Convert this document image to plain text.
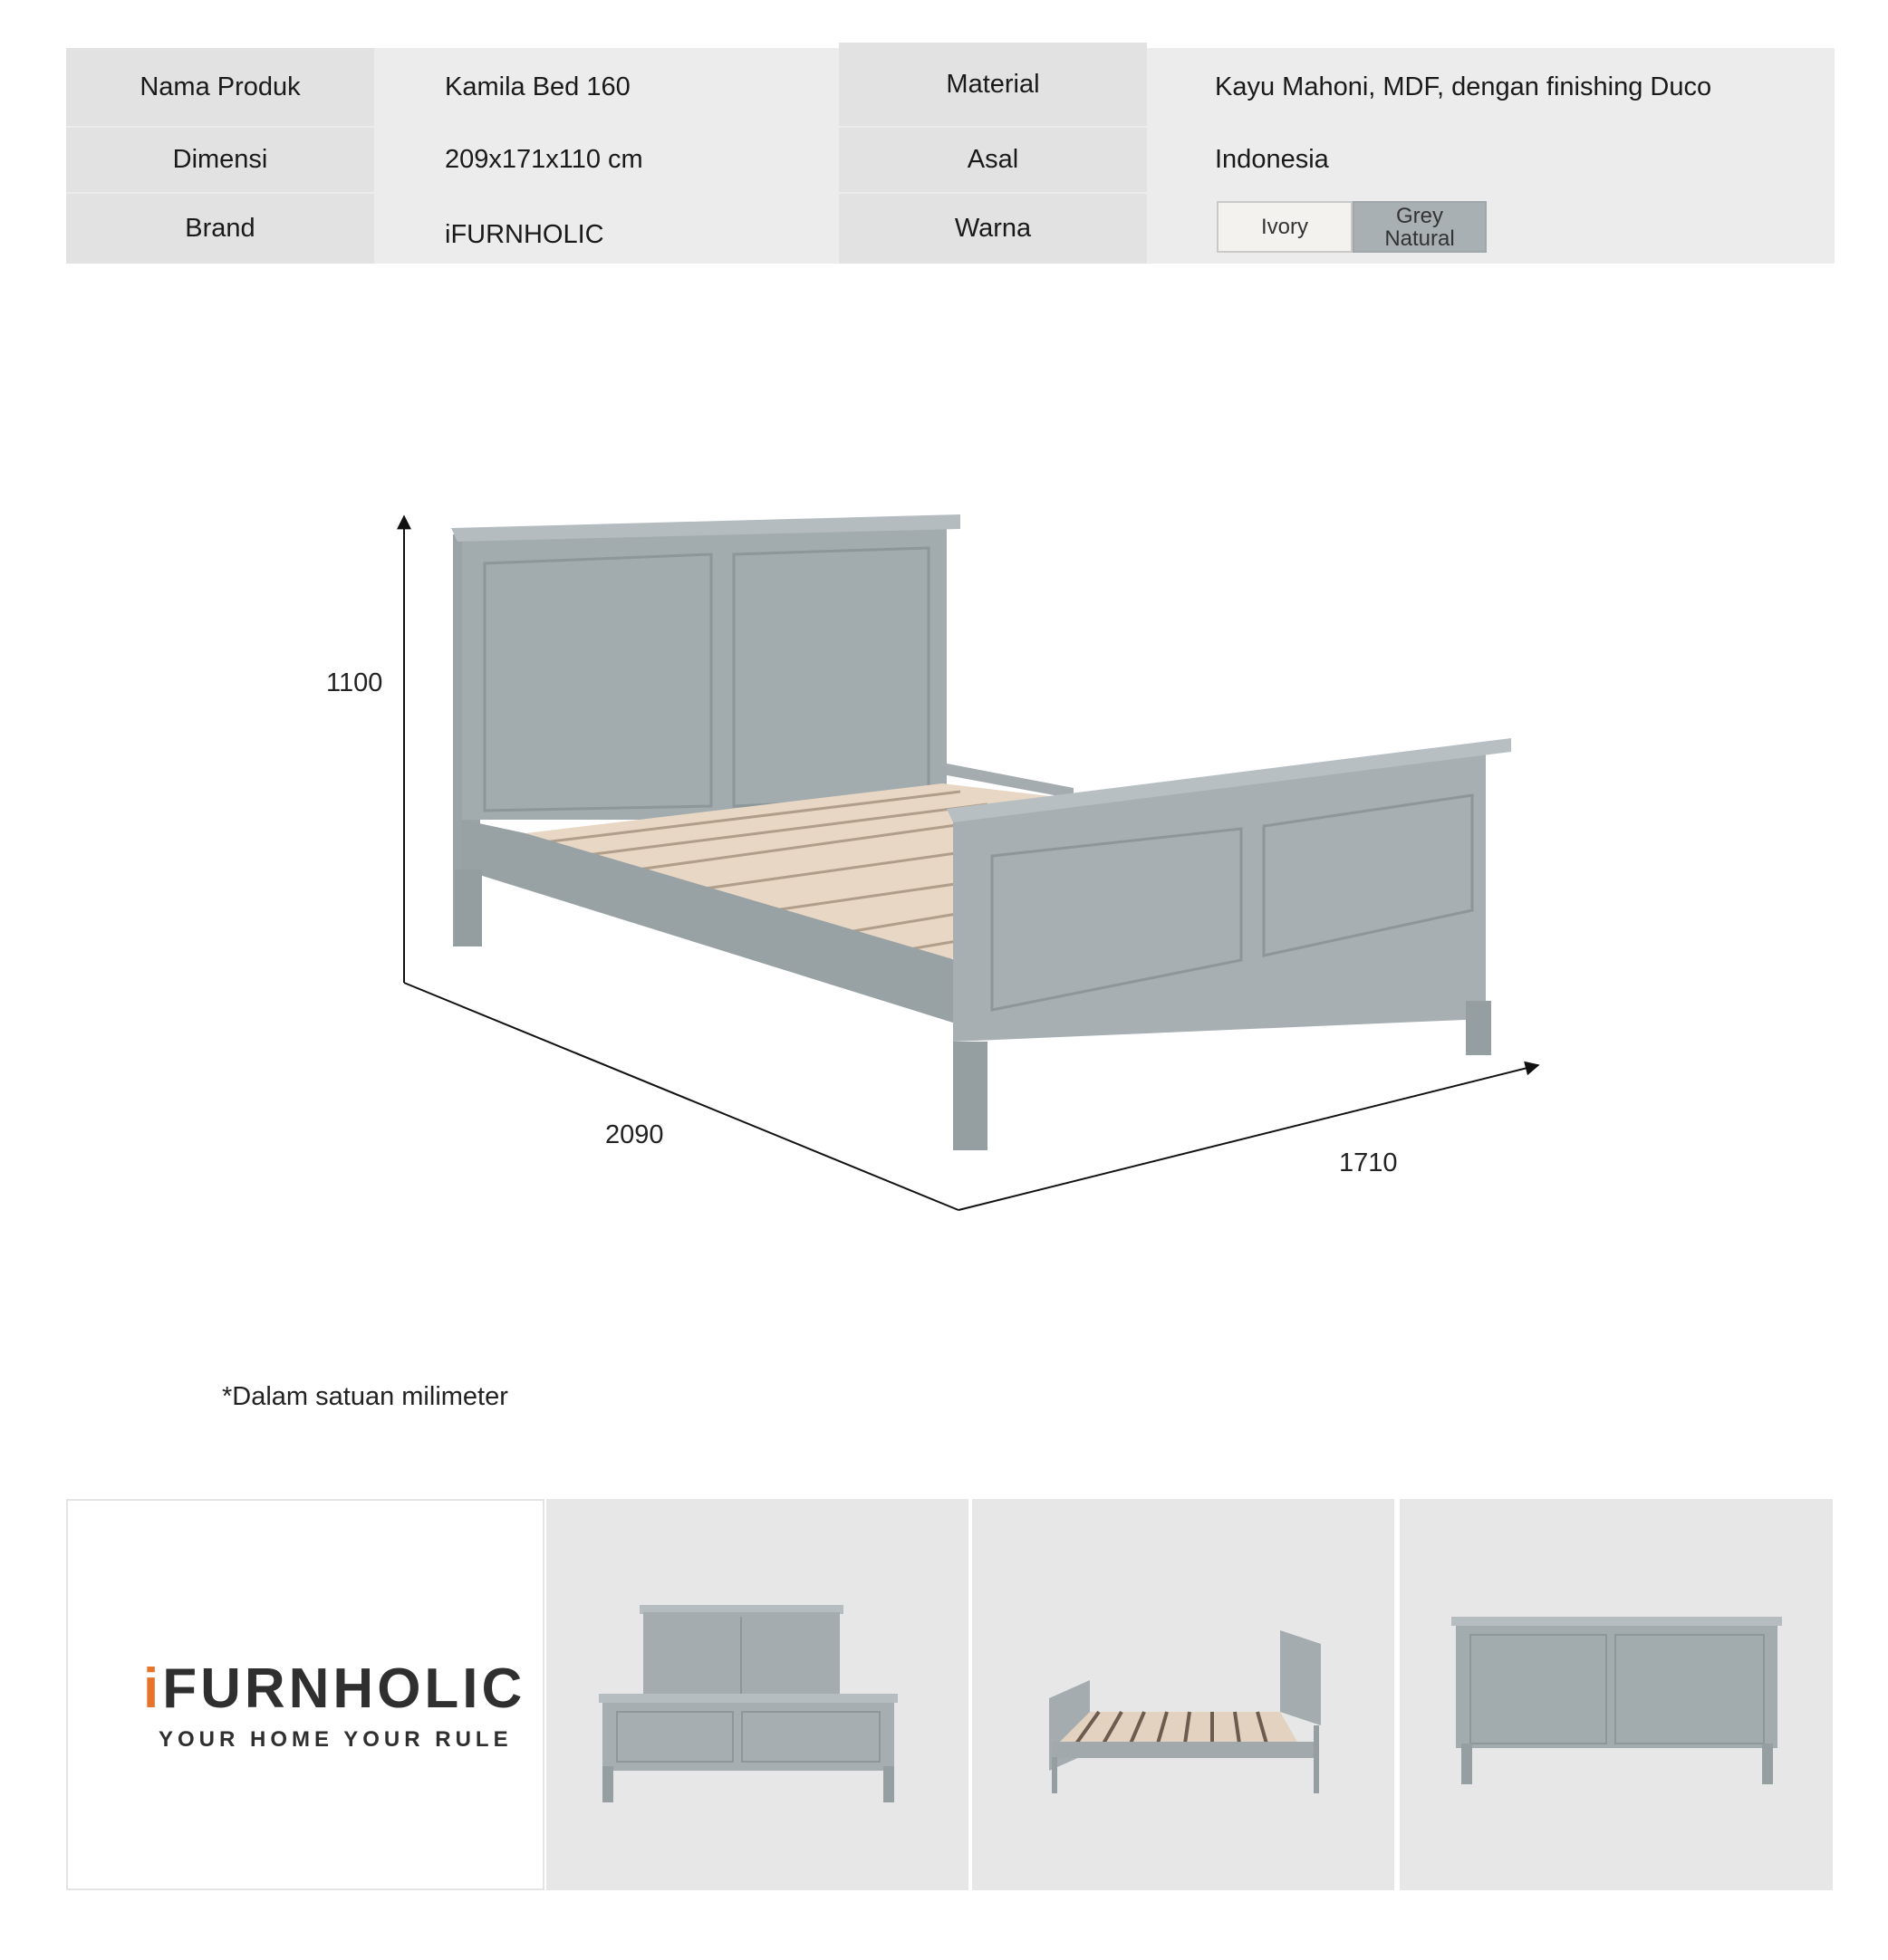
Nama Produk
Dimensi
Brand
Kamila Bed 160
209x171x110 cm
iFURNHOLIC
Material
Asal
Warna
Kayu Mahoni, MDF, dengan finishing Duco
Indonesia
Ivory	Grey
Natural
1100
2090
1710
*Dalam satuan milimeter
iFURNHOLIC
YOUR HOME YOUR RULE
